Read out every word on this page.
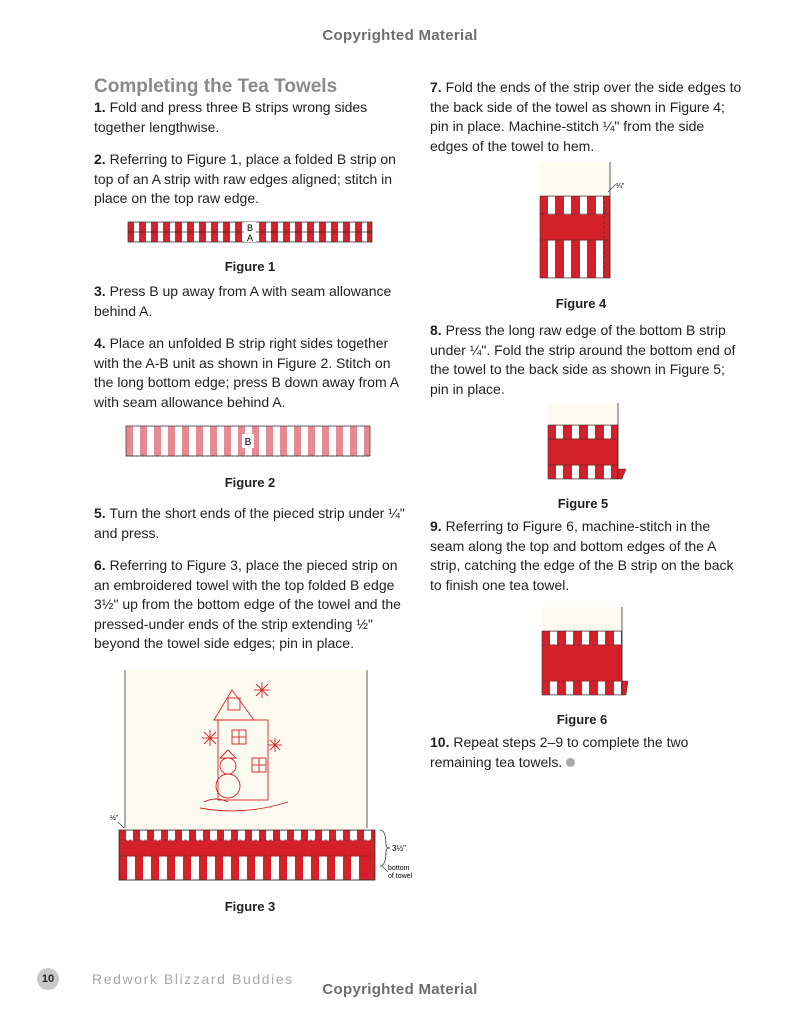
Copyrighted Material
Completing the Tea Towels

1. Fold and press three B strips wrong sides together lengthwise.

2. Referring to Figure 1, place a folded B strip on top of an A strip with raw edges aligned; stitch in place on the top raw edge.

B
A
Figure 1

3. Press B up away from A with seam allowance behind A.

4. Place an unfolded B strip right sides together with the A-B unit as shown in Figure 2. Stitch on the long bottom edge; press B down away from A with seam allowance behind A.

B
Figure 2

5. Turn the short ends of the pieced strip under ¼" and press.

6. Referring to Figure 3, place the pieced strip on an embroidered towel with the top folded B edge 3½" up from the bottom edge of the towel and the pressed-under ends of the strip extending ½" beyond the towel side edges; pin in place.

½"
3½"
bottom of towel
Figure 3

7. Fold the ends of the strip over the side edges to the back side of the towel as shown in Figure 4; pin in place. Machine-stitch ¼" from the side edges of the towel to hem.

¼"
Figure 4

8. Press the long raw edge of the bottom B strip under ¼". Fold the strip around the bottom end of the towel to the back side as shown in Figure 5; pin in place.

Figure 5

9. Referring to Figure 6, machine-stitch in the seam along the top and bottom edges of the A strip, catching the edge of the B strip on the back to finish one tea towel.

Figure 6

10. Repeat steps 2–9 to complete the two remaining tea towels.

10	Redwork Blizzard Buddies
Copyrighted Material
